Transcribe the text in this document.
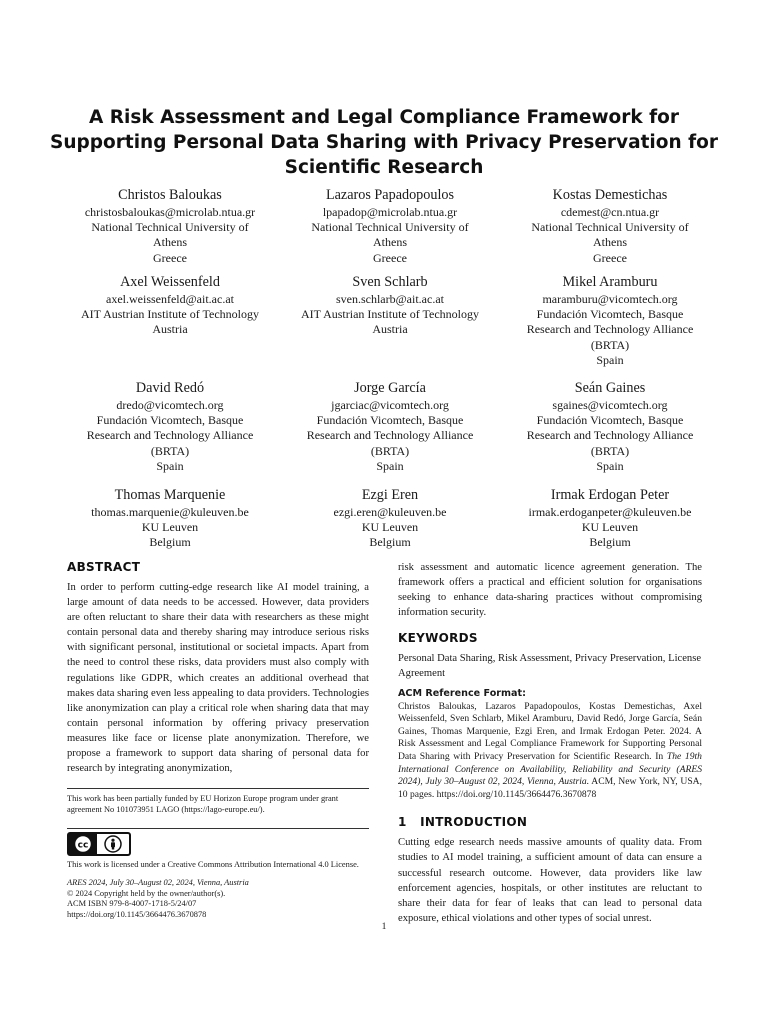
A Risk Assessment and Legal Compliance Framework for
Supporting Personal Data Sharing with Privacy Preservation for
Scientific Research
Christos Baloukas
christosbaloukas@microlab.ntua.gr
National Technical University of
Athens
Greece
Lazaros Papadopoulos
lpapadop@microlab.ntua.gr
National Technical University of
Athens
Greece
Kostas Demestichas
cdemest@cn.ntua.gr
National Technical University of
Athens
Greece
Axel Weissenfeld
axel.weissenfeld@ait.ac.at
AIT Austrian Institute of Technology
Austria
Sven Schlarb
sven.schlarb@ait.ac.at
AIT Austrian Institute of Technology
Austria
Mikel Aramburu
maramburu@vicomtech.org
Fundación Vicomtech, Basque
Research and Technology Alliance
(BRTA)
Spain
David Redó
dredo@vicomtech.org
Fundación Vicomtech, Basque
Research and Technology Alliance
(BRTA)
Spain
Jorge García
jgarciac@vicomtech.org
Fundación Vicomtech, Basque
Research and Technology Alliance
(BRTA)
Spain
Seán Gaines
sgaines@vicomtech.org
Fundación Vicomtech, Basque
Research and Technology Alliance
(BRTA)
Spain
Thomas Marquenie
thomas.marquenie@kuleuven.be
KU Leuven
Belgium
Ezgi Eren
ezgi.eren@kuleuven.be
KU Leuven
Belgium
Irmak Erdogan Peter
irmak.erdoganpeter@kuleuven.be
KU Leuven
Belgium
ABSTRACT
In order to perform cutting-edge research like AI model training, a large amount of data needs to be accessed. However, data providers are often reluctant to share their data with researchers as these might contain personal data and thereby sharing may introduce serious risks with significant personal, institutional or societal impacts. Apart from the need to control these risks, data providers must also comply with regulations like GDPR, which creates an additional overhead that makes data sharing even less appealing to data providers. Technologies like anonymization can play a critical role when sharing data that may contain personal information by offering privacy preservation measures like face or license plate anonymization. Therefore, we propose a framework to support data sharing of personal data for research by integrating anonymization,
This work has been partially funded by EU Horizon Europe program under grant agreement No 101073951 LAGO (https://lago-europe.eu/).
cc
BY
This work is licensed under a Creative Commons Attribution International 4.0 License.
ARES 2024, July 30–August 02, 2024, Vienna, Austria
© 2024 Copyright held by the owner/author(s).
ACM ISBN 979-8-4007-1718-5/24/07
https://doi.org/10.1145/3664476.3670878
risk assessment and automatic licence agreement generation. The framework offers a practical and efficient solution for organisations seeking to enhance data-sharing practices without compromising information security.
KEYWORDS
Personal Data Sharing, Risk Assessment, Privacy Preservation, License Agreement
ACM Reference Format:
Christos Baloukas, Lazaros Papadopoulos, Kostas Demestichas, Axel Weissenfeld, Sven Schlarb, Mikel Aramburu, David Redó, Jorge García, Seán Gaines, Thomas Marquenie, Ezgi Eren, and Irmak Erdogan Peter. 2024. A Risk Assessment and Legal Compliance Framework for Supporting Personal Data Sharing with Privacy Preservation for Scientific Research. In The 19th International Conference on Availability, Reliability and Security (ARES 2024), July 30–August 02, 2024, Vienna, Austria. ACM, New York, NY, USA, 10 pages. https://doi.org/10.1145/3664476.3670878
1 INTRODUCTION
Cutting edge research needs massive amounts of quality data. From studies to AI model training, a sufficient amount of data can ensure a successful research outcome. However, data providers like law enforcement agencies, hospitals, or other institutes are reluctant to share their data for fear of leaks that can lead to personal data exposure, ethical violations and other types of social unrest.
1
